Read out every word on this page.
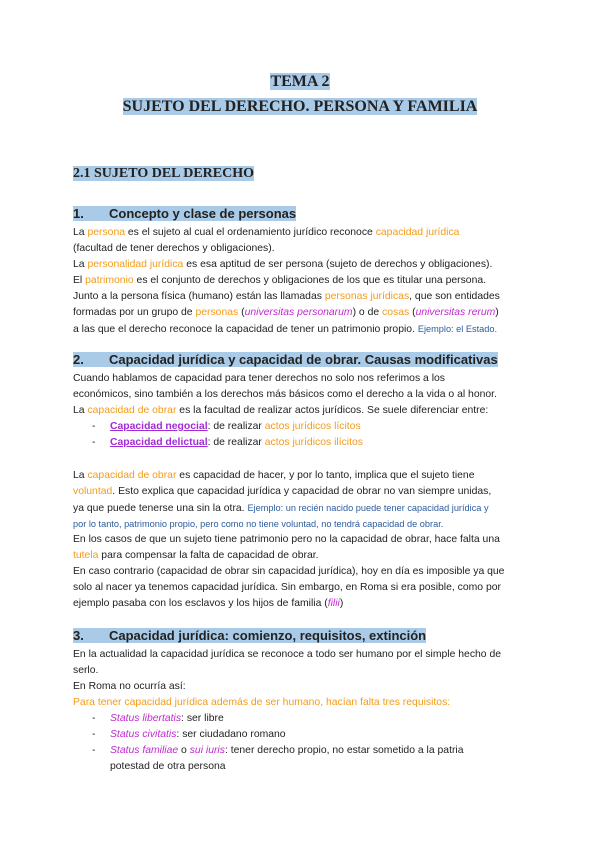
TEMA 2
SUJETO DEL DERECHO. PERSONA Y FAMILIA
2.1 SUJETO DEL DERECHO
1. Concepto y clase de personas
La persona es el sujeto al cual el ordenamiento jurídico reconoce capacidad jurídica
(facultad de tener derechos y obligaciones).
La personalidad jurídica es esa aptitud de ser persona (sujeto de derechos y obligaciones).
El patrimonio es el conjunto de derechos y obligaciones de los que es titular una persona.
Junto a la persona física (humano) están las llamadas personas jurídicas, que son entidades
formadas por un grupo de personas (universitas personarum) o de cosas (universitas rerum)
a las que el derecho reconoce la capacidad de tener un patrimonio propio. Ejemplo: el Estado.
2. Capacidad jurídica y capacidad de obrar. Causas modificativas
Cuando hablamos de capacidad para tener derechos no solo nos referimos a los
económicos, sino también a los derechos más básicos como el derecho a la vida o al honor.
La capacidad de obrar es la facultad de realizar actos jurídicos. Se suele diferenciar entre:
- Capacidad negocial: de realizar actos jurídicos lícitos
- Capacidad delictual: de realizar actos jurídicos ilícitos
La capacidad de obrar es capacidad de hacer, y por lo tanto, implica que el sujeto tiene
voluntad. Esto explica que capacidad jurídica y capacidad de obrar no van siempre unidas,
ya que puede tenerse una sin la otra. Ejemplo: un recién nacido puede tener capacidad jurídica y
por lo tanto, patrimonio propio, pero como no tiene voluntad, no tendrá capacidad de obrar.
En los casos de que un sujeto tiene patrimonio pero no la capacidad de obrar, hace falta una
tutela para compensar la falta de capacidad de obrar.
En caso contrario (capacidad de obrar sin capacidad jurídica), hoy en día es imposible ya que
solo al nacer ya tenemos capacidad jurídica. Sin embargo, en Roma si era posible, como por
ejemplo pasaba con los esclavos y los hijos de familia (filii)
3. Capacidad jurídica: comienzo, requisitos, extinción
En la actualidad la capacidad jurídica se reconoce a todo ser humano por el simple hecho de
serlo.
En Roma no ocurría así:
Para tener capacidad jurídica además de ser humano, hacían falta tres requisitos:
- Status libertatis: ser libre
- Status civitatis: ser ciudadano romano
- Status familiae o sui iuris: tener derecho propio, no estar sometido a la patria
potestad de otra persona
